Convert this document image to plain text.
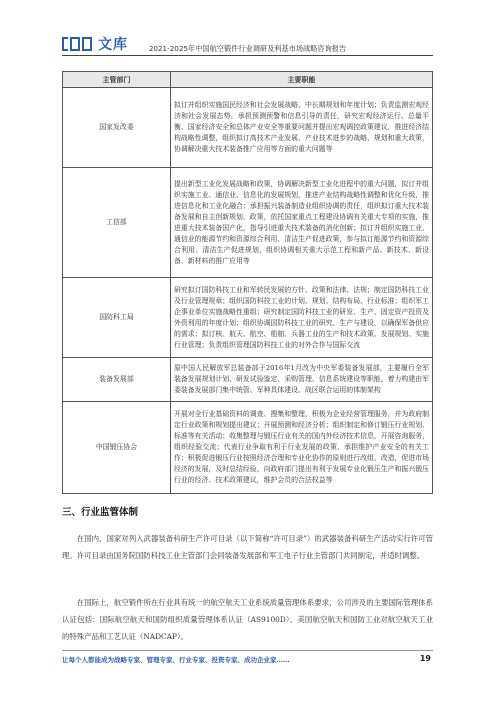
文库	2021-2025年中国航空锻件行业调研及利基市场战略咨询报告
主管部门	主要职能
国家发改委	拟订并组织实施国民经济和社会发展战略、中长期规划和年度计划；负责监测宏观经济和社会发展态势，承担预测预警和信息引导的责任，研究宏观经济运行、总量平衡、国家经济安全和总体产业安全等重要问题并提出宏观调控政策建议，推进经济结构战略性调整，组织拟订高技术产业发展、产业技术进步的战略、规划和重大政策，协调解决重大技术装备推广应用等方面的重大问题等
工信部	提出新型工业化发展战略和政策，协调解决新型工业化进程中的重大问题，拟订并组织实施工业、通信业、信息化的发展规划，推进产业结构战略性调整和优化升级，推进信息化和工业化融合；承担振兴装备制造业组织协调的责任，组织拟订重大技术装备发展和自主创新规划、政策，依托国家重点工程建设协调有关重大专项的实施，推进重大技术装备国产化，指导引进重大技术装备的消化创新；拟订并组织实施工业、通信业的能源节约和资源综合利用、清洁生产促进政策，参与拟订能源节约和资源综合利用、清洁生产促进规划，组织协调相关重大示范工程和新产品、新技术、新设备、新材料的推广应用等
国防科工局	研究拟订国防科技工业和军转民发展的方针、政策和法律、法规；制定国防科技工业及行业管理规章；组织国防科技工业的计划、规划、结构布局、行业标准；组织军工企事业单位实施战略性重组；研究制定国防科技工业的研发、生产、固定资产投资及外资利用的年度计划；组织协调国防科技工业的研究、生产与建设，以确保军备供应的需求；拟订核、航天、航空、船舶、兵器工业的生产和技术政策、发展规划、实施行业管理；负责组织管理国防科技工业的对外合作与国际交流
装备发展部	原中国人民解放军总装备部于2016年1月改为中央军委装备发展部，主要履行全军装备发展规划计划、研发试验鉴定、采购管理、信息系统建设等职能，着力构建由军委装备发展部门集中统管、军种具体建设、战区联合运用的体制架构
中国锻压协会	开展对全行业基础资料的调查、搜集和整理，积极为企业经营管理服务，并为政府制定行业政策和规划提出建议；开展预测和经济分析；组织制定和修订锻压行业规划、标准等有关活动；收集整理与锻压行业有关的国内外经济技术信息，开展咨询服务，组织经验交流；代表行业争取有利于行业发展的政策、承担维护产业安全的有关工作；积极促进锻压行业按照经济合理和专业化协作的原则进行改组、改造，促进市场经济的发展，及时总结经验，向政府部门提出有利于发展专业化锻压生产和振兴锻压行业的经济、技术政策建议，维护会员的合法权益等
三、行业监管体制

在国内，国家对列入武器装备科研生产许可目录（以下简称“许可目录”）的武器装备科研生产活动实行许可管理。许可目录由国务院国防科技工业主管部门会同装备发展部和军工电子行业主管部门共同制定，并适时调整。

在国际上，航空锻件所在行业具有统一的航空航天工业系统质量管理体系要求，公司涉及的主要国际管理体系认证包括：国际航空航天和国防组织质量管理体系认证（AS9100D）、美国航空航天和国防工业对航空航天工业的特殊产品和工艺认证（NADCAP）。

让每个人都能成为战略专家、管理专家、行业专家、投资专家、成功企业家……	19
